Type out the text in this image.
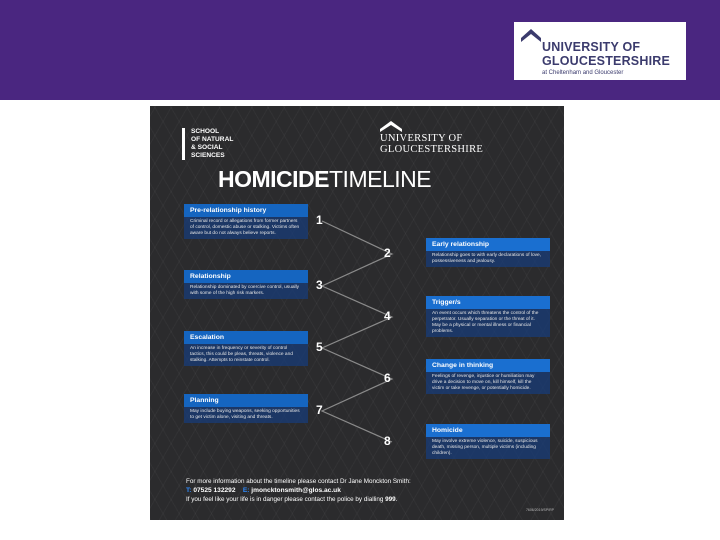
UNIVERSITY OF
GLOUCESTERSHIRE
at Cheltenham and Gloucester
SCHOOL
OF NATURAL
& SOCIAL
SCIENCES
UNIVERSITY OF
GLOUCESTERSHIRE
HOMICIDETIMELINE
1
2
3
4
5
6
7
8
Pre-relationship history
Criminal record or allegations from former partners of control, domestic abuse or stalking. Victims often aware but do not always believe reports.
Early relationship
Relationship goes to with early declarations of love, possessiveness and jealousy.
Relationship
Relationship dominated by coercive control, usually with some of the high risk markers.
Trigger/s
An event occurs which threatens the control of the perpetrator. Usually separation or the threat of it. May be a physical or mental illness or financial problems.
Escalation
An increase in frequency or severity of control tactics, this could be pleas, threats, violence and stalking. Attempts to reinstate control.
Change in thinking
Feelings of revenge, injustice or humiliation may drive a decision to move on, kill himself, kill the victim or take revenge, or potentially homicide.
Planning
May include buying weapons, seeking opportunities to get victim alone, visiting and threats.
Homicide
May involve extreme violence, suicide, suspicious death, missing person, multiple victims (including children).
For more information about the timeline please contact Dr Jane Monckton Smith:
T: 07525 132292 E: jmoncktonsmith@glos.ac.uk
If you feel like your life is in danger please contact the police by dialling 999.
7606/2019/SP/RP
